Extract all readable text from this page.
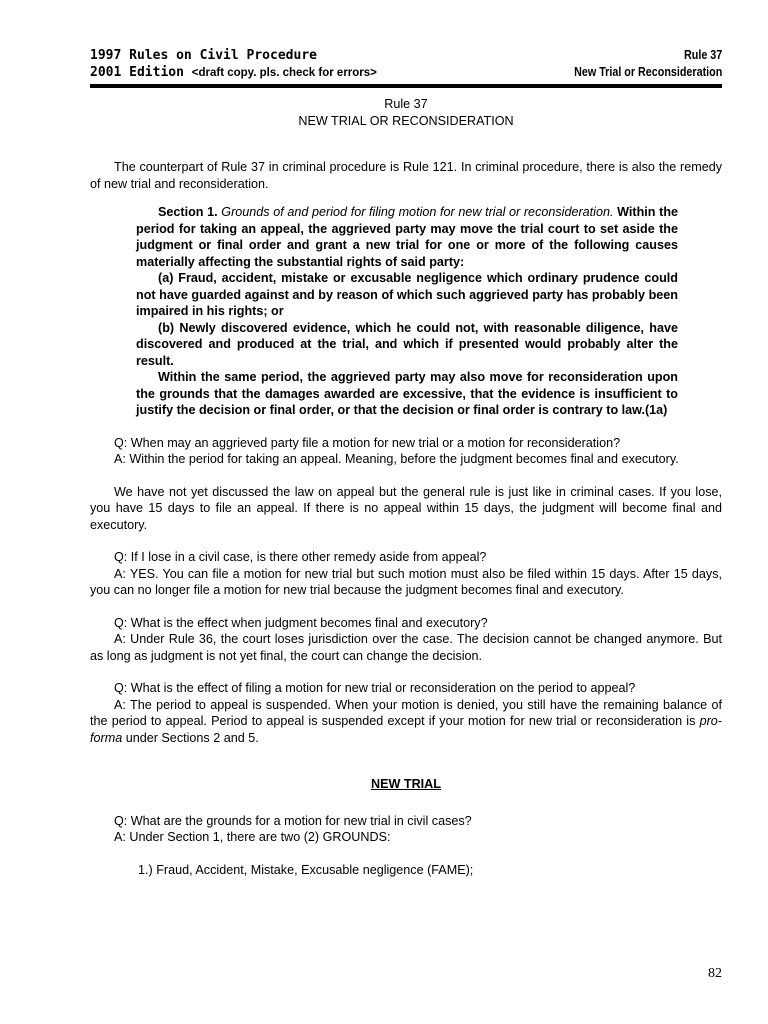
1997 Rules on Civil Procedure
2001 Edition <draft copy. pls. check for errors>
Rule 37
New Trial or Reconsideration
Rule 37
NEW TRIAL OR RECONSIDERATION

The counterpart of Rule 37 in criminal procedure is Rule 121. In criminal procedure, there is also the remedy of new trial and reconsideration.

Section 1. Grounds of and period for filing motion for new trial or reconsideration. Within the period for taking an appeal, the aggrieved party may move the trial court to set aside the judgment or final order and grant a new trial for one or more of the following causes materially affecting the substantial rights of said party:

(a) Fraud, accident, mistake or excusable negligence which ordinary prudence could not have guarded against and by reason of which such aggrieved party has probably been impaired in his rights; or

(b) Newly discovered evidence, which he could not, with reasonable diligence, have discovered and produced at the trial, and which if presented would probably alter the result.

Within the same period, the aggrieved party may also move for reconsideration upon the grounds that the damages awarded are excessive, that the evidence is insufficient to justify the decision or final order, or that the decision or final order is contrary to law.(1a)

Q: When may an aggrieved party file a motion for new trial or a motion for reconsideration?

A: Within the period for taking an appeal. Meaning, before the judgment becomes final and executory.

We have not yet discussed the law on appeal but the general rule is just like in criminal cases. If you lose, you have 15 days to file an appeal. If there is no appeal within 15 days, the judgment will become final and executory.

Q: If I lose in a civil case, is there other remedy aside from appeal?

A: YES. You can file a motion for new trial but such motion must also be filed within 15 days. After 15 days, you can no longer file a motion for new trial because the judgment becomes final and executory.

Q: What is the effect when judgment becomes final and executory?

A: Under Rule 36, the court loses jurisdiction over the case. The decision cannot be changed anymore. But as long as judgment is not yet final, the court can change the decision.

Q: What is the effect of filing a motion for new trial or reconsideration on the period to appeal?

A: The period to appeal is suspended. When your motion is denied, you still have the remaining balance of the period to appeal. Period to appeal is suspended except if your motion for new trial or reconsideration is pro-forma under Sections 2 and 5.

NEW TRIAL

Q: What are the grounds for a motion for new trial in civil cases?

A: Under Section 1, there are two (2) GROUNDS:

1.) Fraud, Accident, Mistake, Excusable negligence (FAME);

82
